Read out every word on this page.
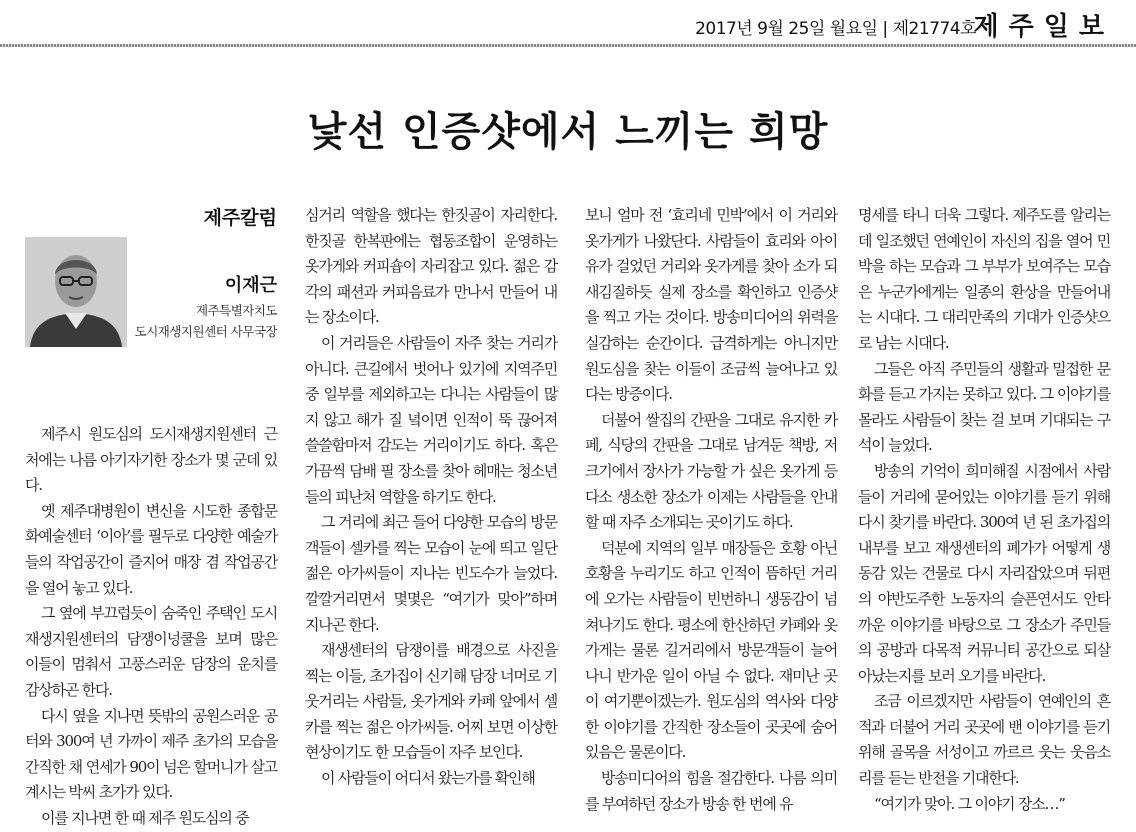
2017년 9월 25일 월요일 | 제21774호
제주일보
낯선 인증샷에서 느끼는 희망
제주칼럼
이재근
제주특별자치도
도시재생지원센터 사무국장

제주시 원도심의 도시재생지원센터 근처에는 나름 아기자기한 장소가 몇 군데 있다.

옛 제주대병원이 변신을 시도한 종합문화예술센터 ‘이아’를 필두로 다양한 예술가들의 작업공간이 즐지어 매장 겸 작업공간을 열어 놓고 있다.

그 옆에 부끄럽듯이 숨죽인 주택인 도시재생지원센터의 담쟁이넝쿨을 보며 많은 이들이 멈춰서 고풍스러운 담장의 운치를 감상하곤 한다.

다시 옆을 지나면 뜻밖의 공원스러운 공터와 300여 년 가까이 제주 초가의 모습을 간직한 채 연세가 90이 넘은 할머니가 살고 계시는 박씨 초가가 있다.

이를 지나면 한 때 제주 원도심의 중

심거리 역할을 했다는 한짓골이 자리한다. 한짓골 한복판에는 협동조합이 운영하는 옷가게와 커피숍이 자리잡고 있다. 젊은 감각의 패션과 커피음료가 만나서 만들어 내는 장소이다.

이 거리들은 사람들이 자주 찾는 거리가 아니다. 큰길에서 벗어나 있기에 지역주민 중 일부를 제외하고는 다니는 사람들이 많지 않고 해가 질 녘이면 인적이 뚝 끊어져 쓸쓸함마저 감도는 거리이기도 하다. 혹은 가끔씩 담배 필 장소를 찾아 헤매는 청소년들의 피난처 역할을 하기도 한다.

그 거리에 최근 들어 다양한 모습의 방문객들이 셀카를 찍는 모습이 눈에 띄고 일단 젊은 아가씨들이 지나는 빈도수가 늘었다. 깔깔거리면서 몇몇은 “여기가 맞아”하며 지나곤 한다.

재생센터의 담쟁이를 배경으로 사진을 찍는 이들, 초가집이 신기해 담장 너머로 기웃거리는 사람들, 옷가게와 카페 앞에서 셀카를 찍는 젊은 아가씨들. 어찌 보면 이상한 현상이기도 한 모습들이 자주 보인다.

이 사람들이 어디서 왔는가를 확인해

보니 얼마 전 ‘효리네 민박’에서 이 거리와 옷가게가 나왔단다. 사람들이 효리와 아이유가 걸었던 거리와 옷가게를 찾아 소가 되새김질하듯 실제 장소를 확인하고 인증샷을 찍고 가는 것이다. 방송미디어의 위력을 실감하는 순간이다. 급격하게는 아니지만 원도심을 찾는 이들이 조금씩 늘어나고 있다는 방증이다.

더불어 쌀집의 간판을 그대로 유지한 카페, 식당의 간판을 그대로 남겨둔 책방, 저 크기에서 장사가 가능할 가 싶은 옷가게 등 다소 생소한 장소가 이제는 사람들을 안내할 때 자주 소개되는 곳이기도 하다.

덕분에 지역의 일부 매장들은 호황 아닌 호황을 누리기도 하고 인적이 뜸하던 거리에 오가는 사람들이 빈번하니 생동감이 넘쳐나기도 한다. 평소에 한산하던 카페와 옷가게는 물론 길거리에서 방문객들이 늘어나니 반가운 일이 아닐 수 없다. 재미난 곳이 여기뿐이겠는가. 원도심의 역사와 다양한 이야기를 간직한 장소들이 곳곳에 숨어 있음은 물론이다.

방송미디어의 힘을 절감한다. 나름 의미를 부여하던 장소가 방송 한 번에 유

명세를 타니 더욱 그렇다. 제주도를 알리는데 일조했던 연예인이 자신의 집을 열어 민박을 하는 모습과 그 부부가 보여주는 모습은 누군가에게는 일종의 환상을 만들어내는 시대다. 그 대리만족의 기대가 인증샷으로 남는 시대다.

그들은 아직 주민들의 생활과 밀접한 문화를 듣고 가지는 못하고 있다. 그 이야기를 몰라도 사람들이 찾는 걸 보며 기대되는 구석이 늘었다.

방송의 기억이 희미해질 시점에서 사람들이 거리에 묻어있는 이야기를 듣기 위해 다시 찾기를 바란다. 300여 년 된 초가집의 내부를 보고 재생센터의 폐가가 어떻게 생동감 있는 건물로 다시 자리잡았으며 뒤편의 야반도주한 노동자의 슬픈연서도 안타까운 이야기를 바탕으로 그 장소가 주민들의 공방과 다목적 커뮤니티 공간으로 되살아났는지를 보러 오기를 바란다.

조금 이르겠지만 사람들이 연예인의 흔적과 더불어 거리 곳곳에 밴 이야기를 듣기 위해 골목을 서성이고 까르르 웃는 웃음소리를 듣는 반전을 기대한다.

“여기가 맞아. 그 이야기 장소…”
